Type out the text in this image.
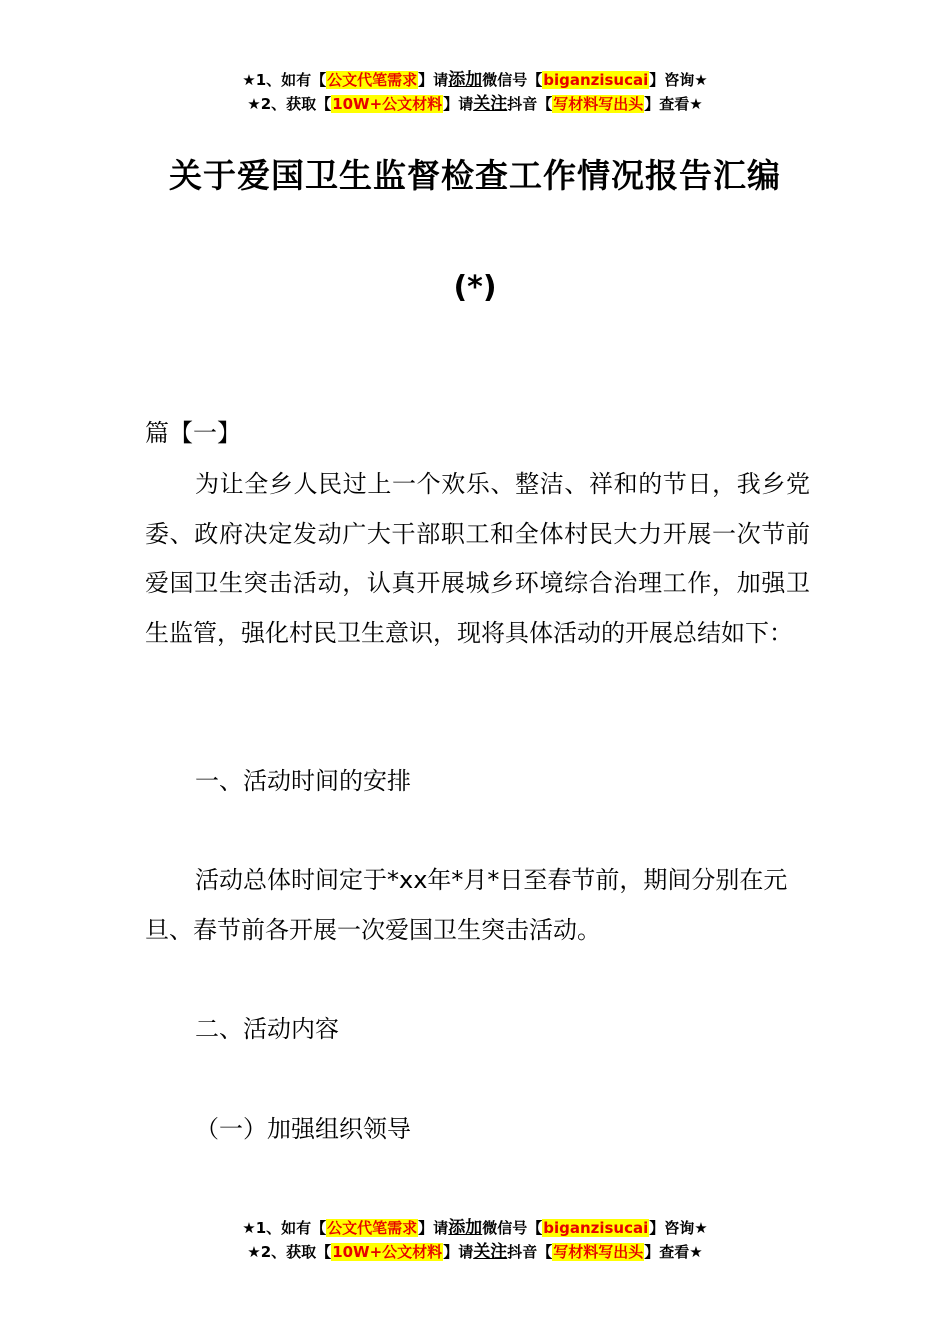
★1、如有【公文代笔需求】请添加微信号【biganzisucai】咨询★
★2、获取【10W+公文材料】请关注抖音【写材料写出头】查看★
关于爱国卫生监督检查工作情况报告汇编
(*)

篇【一】

为让全乡人民过上一个欢乐、整洁、祥和的节日，我乡党委、政府决定发动广大干部职工和全体村民大力开展一次节前爱国卫生突击活动，认真开展城乡环境综合治理工作，加强卫生监管，强化村民卫生意识，现将具体活动的开展总结如下：

一、活动时间的安排

活动总体时间定于*xx年*月*日至春节前，期间分别在元旦、春节前各开展一次爱国卫生突击活动。

二、活动内容

（一）加强组织领导

★1、如有【公文代笔需求】请添加微信号【biganzisucai】咨询★
★2、获取【10W+公文材料】请关注抖音【写材料写出头】查看★
